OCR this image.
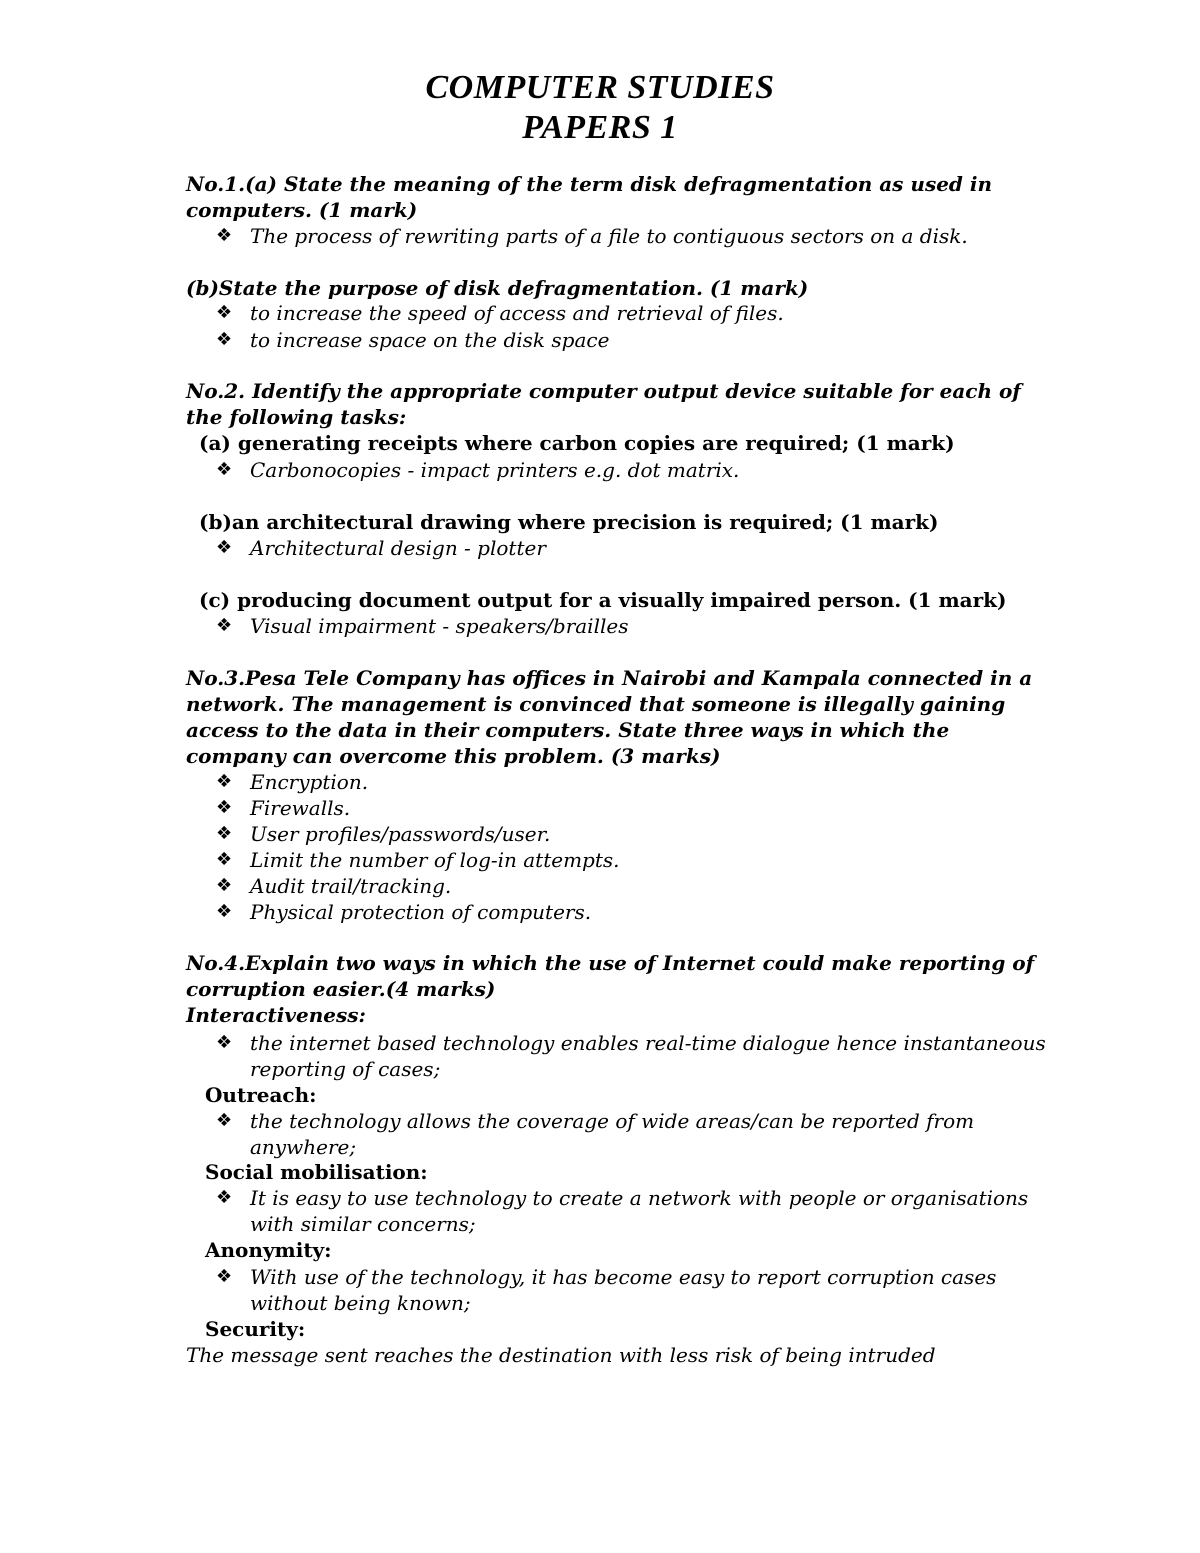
COMPUTER STUDIES
PAPERS 1
No.1.(a) State the meaning of the term disk defragmentation as used in
computers. (1 mark)
❖ The process of rewriting parts of a file to contiguous sectors on a disk.
(b)State the purpose of disk defragmentation. (1 mark)
❖ to increase the speed of access and retrieval of files.
❖ to increase space on the disk space
No.2. Identify the appropriate computer output device suitable for each of
the following tasks:
(a) generating receipts where carbon copies are required; (1 mark)
❖ Carbonocopies - impact printers e.g. dot matrix.
(b)an architectural drawing where precision is required; (1 mark)
❖ Architectural design - plotter
(c) producing document output for a visually impaired person. (1 mark)
❖ Visual impairment - speakers/brailles
No.3.Pesa Tele Company has offices in Nairobi and Kampala connected in a
network. The management is convinced that someone is illegally gaining
access to the data in their computers. State three ways in which the
company can overcome this problem. (3 marks)
❖ Encryption.
❖ Firewalls.
❖ User profiles/passwords/user.
❖ Limit the number of log-in attempts.
❖ Audit trail/tracking.
❖ Physical protection of computers.
No.4.Explain two ways in which the use of Internet could make reporting of
corruption easier.(4 marks)
Interactiveness:
❖ the internet based technology enables real-time dialogue hence instantaneous
reporting of cases;
Outreach:
❖ the technology allows the coverage of wide areas/can be reported from
anywhere;
Social mobilisation:
❖ It is easy to use technology to create a network with people or organisations
with similar concerns;
Anonymity:
❖ With use of the technology, it has become easy to report corruption cases
without being known;
Security:
The message sent reaches the destination with less risk of being intruded
